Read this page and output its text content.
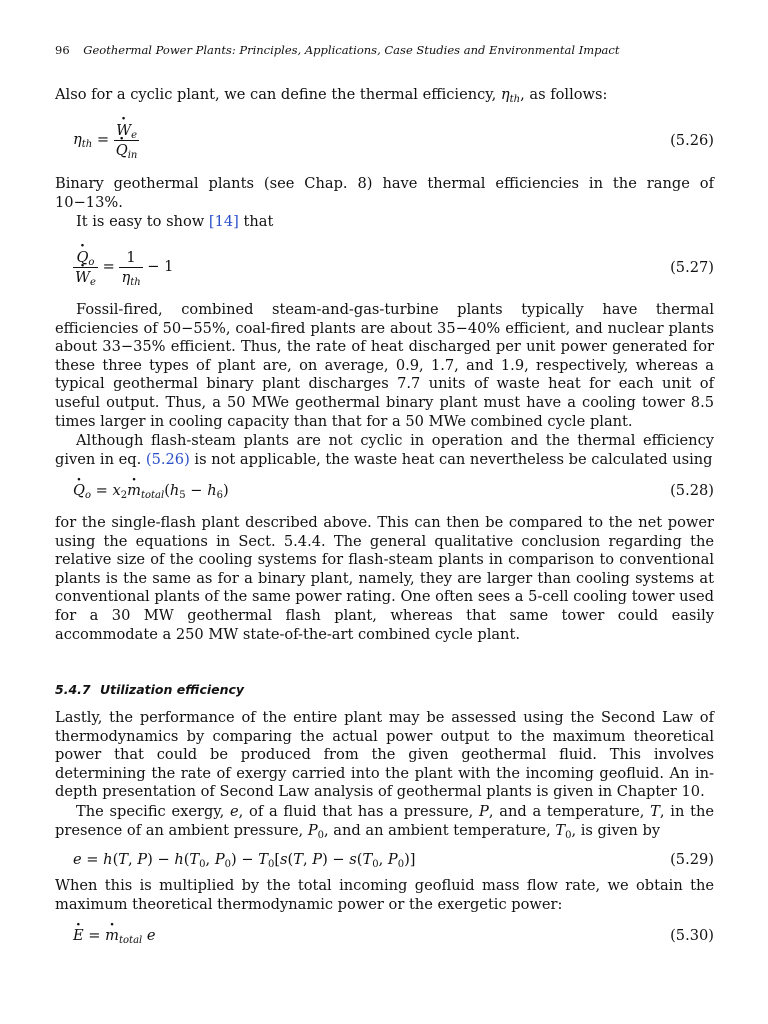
96 Geothermal Power Plants: Principles, Applications, Case Studies and Environmental Impact

Also for a cyclic plant, we can define the thermal efficiency, $\eta_{th}$, as follows:

$\eta_{th}$ =
· $W_e$
· $Q_{in}$	(5.26)

Binary geothermal plants (see Chap. 8) have thermal efficiencies in the range of 10−13%.

It is easy to show [14] that

· $Q_o$
· $W_e = \frac{1}{\eta_{th}} - 1$	(5.27)

Fossil-fired, combined steam-and-gas-turbine plants typically have thermal efficiencies of 50−55%, coal-fired plants are about 35−40% efficient, and nuclear plants about 33−35% efficient. Thus, the rate of heat discharged per unit power generated for these three types of plant are, on average, 0.9, 1.7, and 1.9, respectively, whereas a typical geothermal binary plant discharges 7.7 units of waste heat for each unit of useful output. Thus, a 50 MWe geothermal binary plant must have a cooling tower 8.5 times larger in cooling capacity than that for a 50 MWe combined cycle plant.

Although flash-steam plants are not cyclic in operation and the thermal efficiency given in eq. (5.26) is not applicable, the waste heat can nevertheless be calculated using

· $Q_o = x_2\cdot m_{total}(h_5 - h_6)$	(5.28)

for the single-flash plant described above. This can then be compared to the net power using the equations in Sect. 5.4.4. The general qualitative conclusion regarding the relative size of the cooling systems for flash-steam plants in comparison to conventional plants is the same as for a binary plant, namely, they are larger than cooling systems at conventional plants of the same power rating. One often sees a 5-cell cooling tower used for a 30 MW geothermal flash plant, whereas that same tower could easily accommodate a 250 MW state-of-the-art combined cycle plant.

5.4.7 Utilization efficiency

Lastly, the performance of the entire plant may be assessed using the Second Law of thermodynamics by comparing the actual power output to the maximum theoretical power that could be produced from the given geothermal fluid. This involves determining the rate of exergy carried into the plant with the incoming geofluid. An in-depth presentation of Second Law analysis of geothermal plants is given in Chapter 10.

The specific exergy, e, of a fluid that has a pressure, P, and a temperature, T, in the presence of an ambient pressure, $P_0$, and an ambient temperature, $T_0$, is given by

e = h(T, $P) - h(T_0$, $P_0) - T_0[s(T$, $P) - s(T_0$, $P_0$)]	(5.29)

When this is multiplied by the total incoming geofluid mass flow rate, we obtain the maximum theoretical thermodynamic power or the exergetic power:

· E = · $m_{total}$ e	(5.30)
